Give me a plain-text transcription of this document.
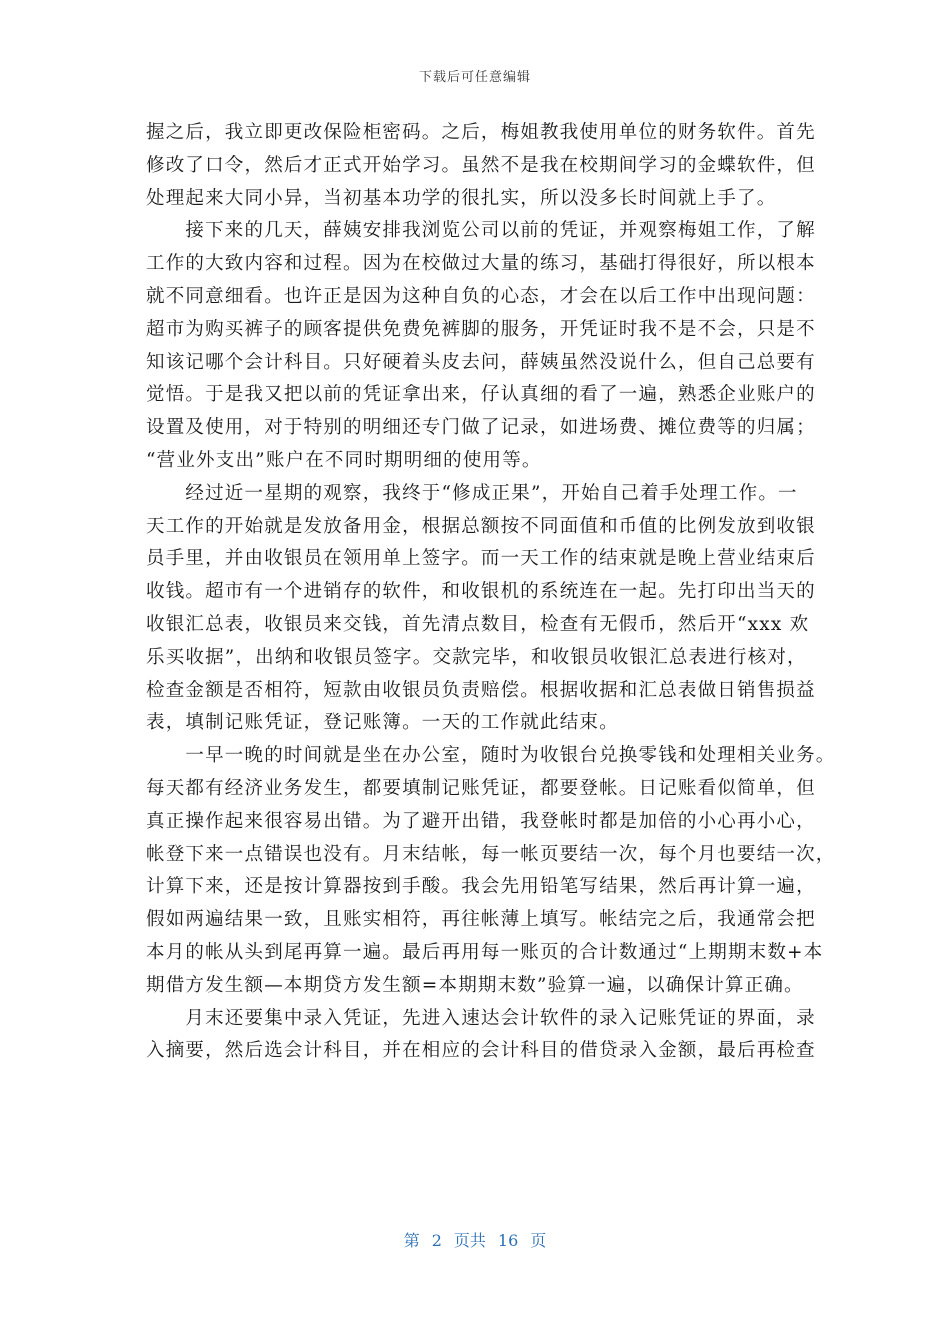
下载后可任意编辑
握之后，我立即更改保险柜密码。之后，梅姐教我使用单位的财务软件。首先
修改了口令，然后才正式开始学习。虽然不是我在校期间学习的金蝶软件，但
处理起来大同小异，当初基本功学的很扎实，所以没多长时间就上手了。
　　接下来的几天，薛姨安排我浏览公司以前的凭证，并观察梅姐工作，了解
工作的大致内容和过程。因为在校做过大量的练习，基础打得很好，所以根本
就不同意细看。也许正是因为这种自负的心态，才会在以后工作中出现问题：
超市为购买裤子的顾客提供免费免裤脚的服务，开凭证时我不是不会，只是不
知该记哪个会计科目。只好硬着头皮去问，薛姨虽然没说什么，但自己总要有
觉悟。于是我又把以前的凭证拿出来，仔认真细的看了一遍，熟悉企业账户的
设置及使用，对于特别的明细还专门做了记录，如进场费、摊位费等的归属；
“营业外支出”账户在不同时期明细的使用等。
　　经过近一星期的观察，我终于“修成正果”，开始自己着手处理工作。一
天工作的开始就是发放备用金，根据总额按不同面值和币值的比例发放到收银
员手里，并由收银员在领用单上签字。而一天工作的结束就是晚上营业结束后
收钱。超市有一个进销存的软件，和收银机的系统连在一起。先打印出当天的
收银汇总表，收银员来交钱，首先清点数目，检查有无假币，然后开“xxx 欢
乐买收据”，出纳和收银员签字。交款完毕，和收银员收银汇总表进行核对，
检查金额是否相符，短款由收银员负责赔偿。根据收据和汇总表做日销售损益
表，填制记账凭证，登记账簿。一天的工作就此结束。
　　一早一晚的时间就是坐在办公室，随时为收银台兑换零钱和处理相关业务。
每天都有经济业务发生，都要填制记账凭证，都要登帐。日记账看似简单，但
真正操作起来很容易出错。为了避开出错，我登帐时都是加倍的小心再小心，
帐登下来一点错误也没有。月末结帐，每一帐页要结一次，每个月也要结一次，
计算下来，还是按计算器按到手酸。我会先用铅笔写结果，然后再计算一遍，
假如两遍结果一致，且账实相符，再往帐薄上填写。帐结完之后，我通常会把
本月的帐从头到尾再算一遍。最后再用每一账页的合计数通过“上期期末数+本
期借方发生额—本期贷方发生额=本期期末数”验算一遍，以确保计算正确。
　　月末还要集中录入凭证，先进入速达会计软件的录入记账凭证的界面，录
入摘要，然后选会计科目，并在相应的会计科目的借贷录入金额，最后再检查
第 2 页共 16 页
